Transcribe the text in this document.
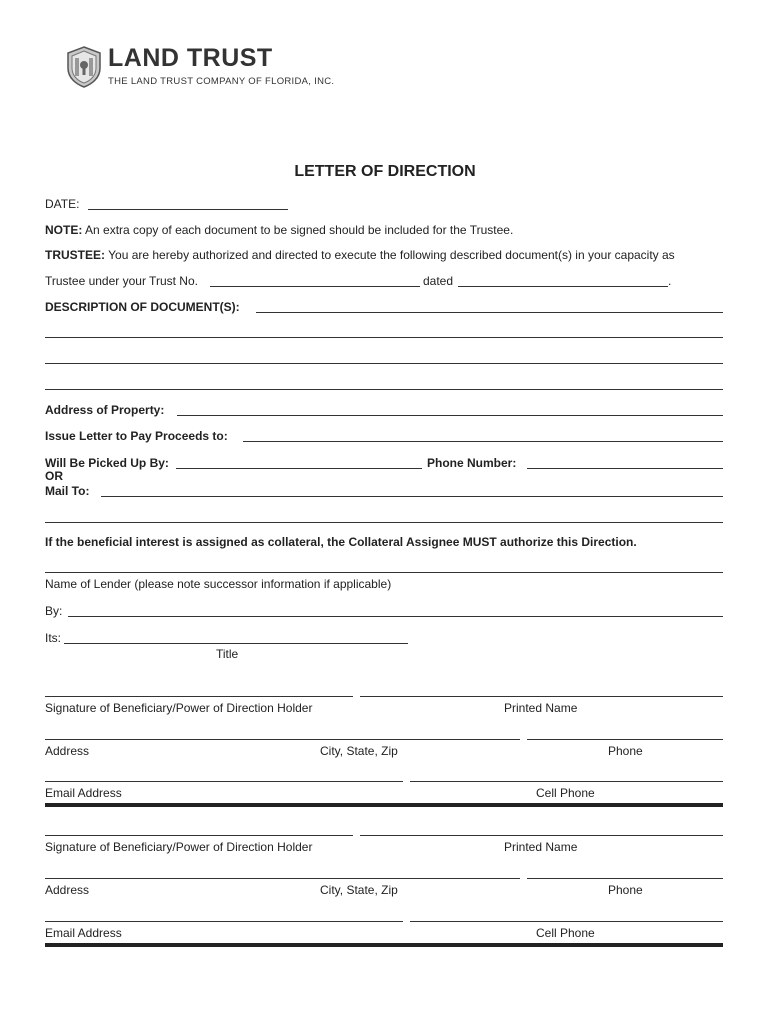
LAND TRUST
THE LAND TRUST COMPANY OF FLORIDA, INC.
LETTER OF DIRECTION
DATE:
NOTE: An extra copy of each document to be signed should be included for the Trustee.
TRUSTEE: You are hereby authorized and directed to execute the following described document(s) in your capacity as
Trustee under your Trust No.	dated	.
DESCRIPTION OF DOCUMENT(S):
Address of Property:
Issue Letter to Pay Proceeds to:
Will Be Picked Up By:	Phone Number:
OR
Mail To:
If the beneficial interest is assigned as collateral, the Collateral Assignee MUST authorize this Direction.
Name of Lender (please note successor information if applicable)
By:
Its:
Title
Signature of Beneficiary/Power of Direction Holder	Printed Name
Address	City, State, Zip	Phone
Email Address	Cell Phone
Signature of Beneficiary/Power of Direction Holder	Printed Name
Address	City, State, Zip	Phone
Email Address	Cell Phone
